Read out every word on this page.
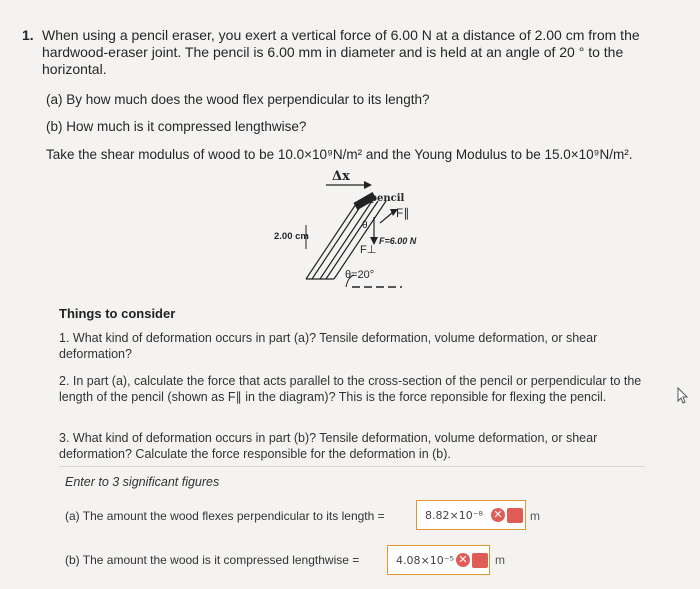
1. When using a pencil eraser, you exert a vertical force of 6.00 N at a distance of 2.00 cm from the
hardwood-eraser joint. The pencil is 6.00 mm in diameter and is held at an angle of 20 ° to the
horizontal.
(a) By how much does the wood flex perpendicular to its length?
(b) How much is it compressed lengthwise?
Take the shear modulus of wood to be 10.0×10⁹N/m² and the Young Modulus to be 15.0×10⁹N/m².
Δx
pencil
F∥
θ
F=6.00 N
F⊥
2.00 cm
θ=20°
Things to consider
1. What kind of deformation occurs in part (a)? Tensile deformation, volume deformation, or shear deformation?
2. In part (a), calculate the force that acts parallel to the cross-section of the pencil or perpendicular to the length of the pencil (shown as F∥ in the diagram)? This is the force reponsible for flexing the pencil.
3. What kind of deformation occurs in part (b)? Tensile deformation, volume deformation, or shear deformation? Calculate the force responsible for the deformation in (b).
Enter to 3 significant figures
(a) The amount the wood flexes perpendicular to its length =	8.82×10⁻⁸ ✕ m
(b) The amount the wood is it compressed lengthwise =	4.08×10⁻⁵ ✕ m
